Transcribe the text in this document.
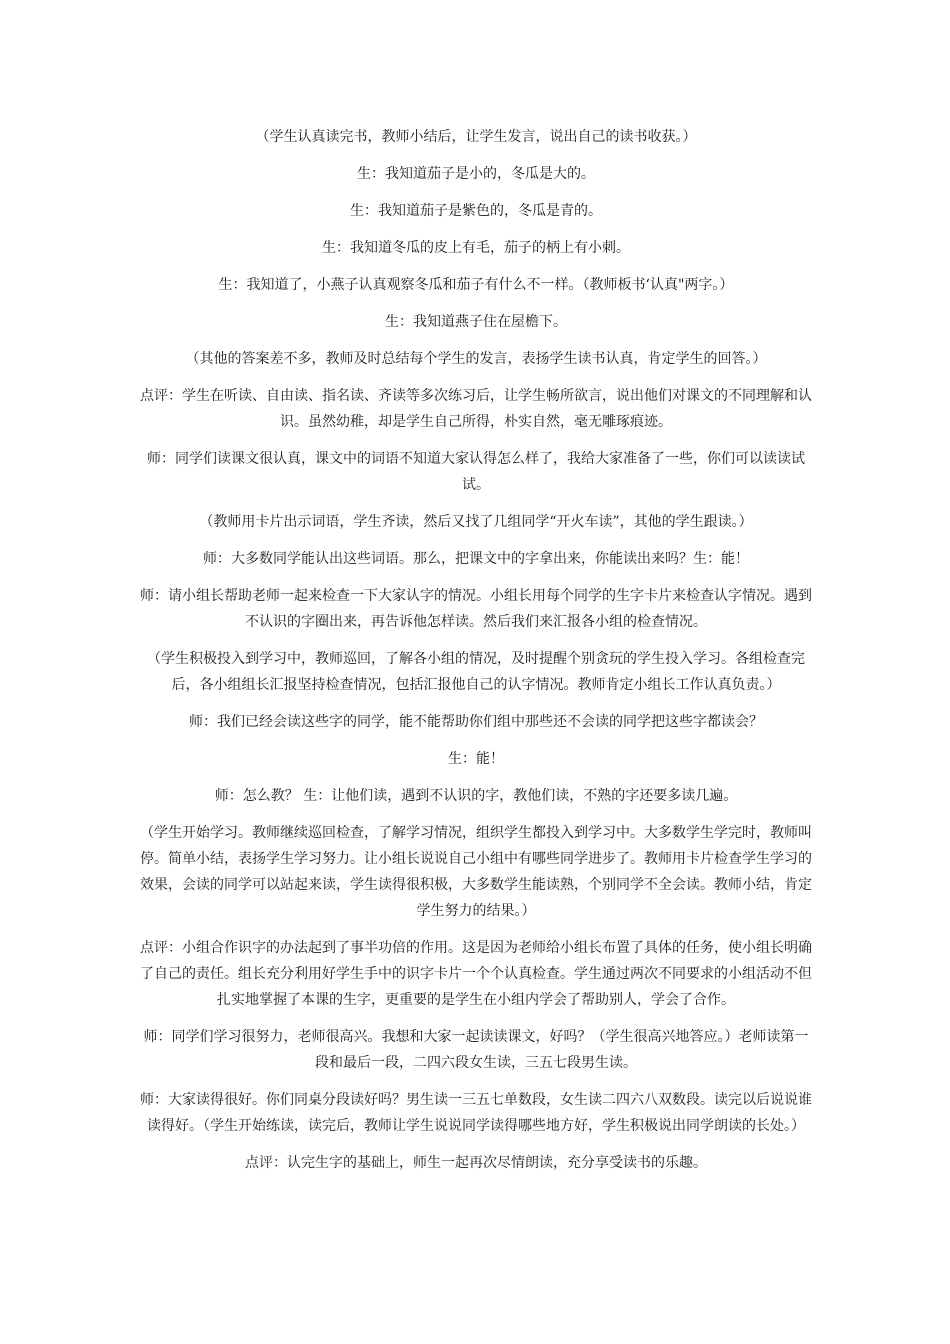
（学生认真读完书，教师小结后，让学生发言，说出自己的读书收获。）

生：我知道茄子是小的，冬瓜是大的。

生：我知道茄子是紫色的，冬瓜是青的。

生：我知道冬瓜的皮上有毛，茄子的柄上有小刺。

生：我知道了，小燕子认真观察冬瓜和茄子有什么不一样。（教师板书‘认真"两字。）

生：我知道燕子住在屋檐下。

（其他的答案差不多，教师及时总结每个学生的发言，表扬学生读书认真，肯定学生的回答。）

点评：学生在听读、自由读、指名读、齐读等多次练习后，让学生畅所欲言，说出他们对课文的不同理解和认识。虽然幼稚，却是学生自己所得，朴实自然，毫无雕琢痕迹。

师：同学们读课文很认真，课文中的词语不知道大家认得怎么样了，我给大家准备了一些，你们可以读读试试。

（教师用卡片出示词语，学生齐读，然后又找了几组同学“开火车读”，其他的学生跟读。）

师：大多数同学能认出这些词语。那么，把课文中的字拿出来，你能读出来吗？生：能！

师：请小组长帮助老师一起来检查一下大家认字的情况。小组长用每个同学的生字卡片来检查认字情况。遇到不认识的字圈出来，再告诉他怎样读。然后我们来汇报各小组的检查情况。

（学生积极投入到学习中，教师巡回，了解各小组的情况，及时提醒个别贪玩的学生投入学习。各组检查完后，各小组组长汇报坚持检查情况，包括汇报他自己的认字情况。教师肯定小组长工作认真负责。）

师：我们已经会读这些字的同学，能不能帮助你们组中那些还不会读的同学把这些字都读会？

生：能！

师：怎么教？ 生：让他们读，遇到不认识的字，教他们读，不熟的字还要多读几遍。

（学生开始学习。教师继续巡回检查，了解学习情况，组织学生都投入到学习中。大多数学生学完时，教师叫停。简单小结，表扬学生学习努力。让小组长说说自己小组中有哪些同学进步了。教师用卡片检查学生学习的效果，会读的同学可以站起来读，学生读得很积极，大多数学生能读熟，个别同学不全会读。教师小结，肯定学生努力的结果。）

点评：小组合作识字的办法起到了事半功倍的作用。这是因为老师给小组长布置了具体的任务，使小组长明确了自己的责任。组长充分利用好学生手中的识字卡片一个个认真检查。学生通过两次不同要求的小组活动不但扎实地掌握了本课的生字，更重要的是学生在小组内学会了帮助别人，学会了合作。

师：同学们学习很努力，老师很高兴。我想和大家一起读读课文，好吗？（学生很高兴地答应。）老师读第一段和最后一段，二四六段女生读，三五七段男生读。

师：大家读得很好。你们同桌分段读好吗？男生读一三五七单数段，女生读二四六八双数段。读完以后说说谁读得好。（学生开始练读，读完后，教师让学生说说同学读得哪些地方好，学生积极说出同学朗读的长处。）

点评：认完生字的基础上，师生一起再次尽情朗读，充分享受读书的乐趣。
